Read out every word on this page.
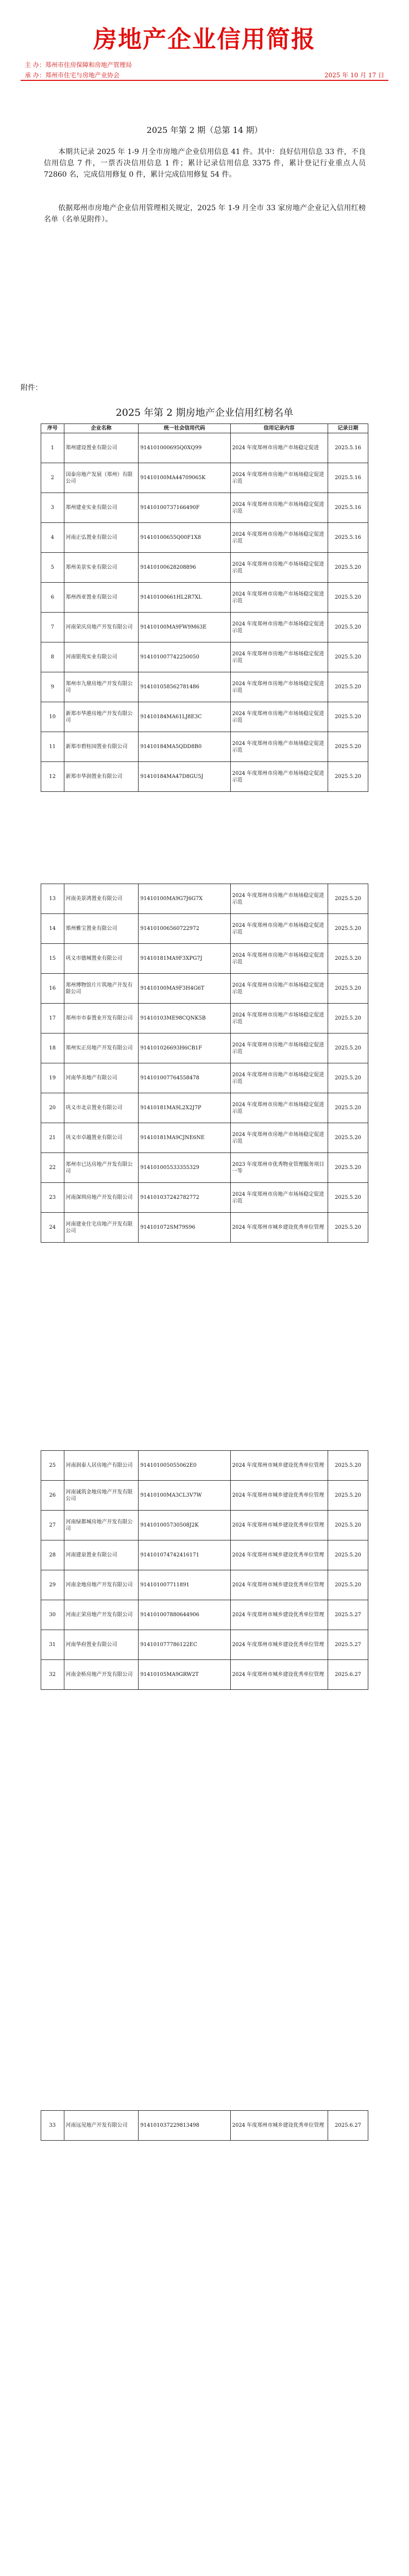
房地产企业信用简报
主 办：郑州市住房保障和房地产管理局
承 办：郑州市住宅与房地产业协会	2025 年 10 月 17 日
2025 年第 2 期（总第 14 期）
本期共记录 2025 年 1-9 月全市房地产企业信用信息 41 件。其中：良好信用信息 33 件，不良信用信息 7 件，一票否决信用信息 1 件；累计记录信用信息 3375 件，累计登记行业重点人员 72860 名，完成信用修复 0 件，累计完成信用修复 54 件。
依据郑州市房地产企业信用管理相关规定，2025 年 1-9 月全市 33 家房地产企业记入信用红榜名单（名单见附件）。
附件：
2025 年第 2 期房地产企业信用红榜名单
序号	企业名称	统一社会信用代码	信用记录内容	记录日期
1	郑州建设置业有限公司	914101000695Q0XQ99	2024 年度郑州市房地产市场稳定促进	2025.5.16
2	国泰房地产发展（郑州）有限公司	91410100MA44709065K	2024 年度郑州市房地产市场场稳定促进示范	2025.5.16
3	郑州建业实业有限公司	91410100737166490F	2024 年度郑州市房地产市场场稳定促进示范	2025.5.16
4	河南正弘置业有限公司	91410100655Q00F1X8	2024 年度郑州市房地产市场场稳定促进示范	2025.5.16
5	郑州美景实业有限公司	91410100628208896	2024 年度郑州市房地产市场场稳定促进示范	2025.5.20
6	郑州西亚置业有限公司	91410100661HL2R7XL	2024 年度郑州市房地产市场场稳定促进示范	2025.5.20
7	河南荣庆房地产开发有限公司	91410100MA9FW9M63E	2024 年度郑州市房地产市场场稳定促进示范	2025.5.20
8	河南银苑实业有限公司	914101007742250050	2024 年度郑州市房地产市场场稳定促进示范	2025.5.20
9	郑州市九鼎房地产开发有限公司	914101058562781486	2024 年度郑州市房地产市场场稳定促进示范	2025.5.20
10	新郑市华港房地产开发有限公司	91410184MA61LJ8E3C	2024 年度郑州市房地产市场场稳定促进示范	2025.5.20
11	新郑市碧桂园置业有限公司	91410184MA5QDD8B0	2024 年度郑州市房地产市场场稳定促进示范	2025.5.20
12	新郑市华润置业有限公司	91410184MA47D8GU5J	2024 年度郑州市房地产市场场稳定促进示范	2025.5.20
13	河南美景鸿置业有限公司	91410100MA9G7J6G7X	2024 年度郑州市房地产市场场稳定促进示范	2025.5.20
14	郑州雅宝置业有限公司	914101006560722972	2024 年度郑州市房地产市场场稳定促进示范	2025.5.20
15	巩义市德城置业有限公司	91410181MA9F3XPG7J	2024 年度郑州市房地产市场场稳定促进示范	2025.5.20
16	郑州博物馆片片筑地产开发有限公司	91410100MA9F3H4G6T	2024 年度郑州市房地产市场场稳定促进示范	2025.5.20
17	郑州市市泰置业开发有限公司	91410103ME98CQNK5B	2024 年度郑州市房地产市场场稳定促进示范	2025.5.20
18	郑州实正房地产开发有限公司	914101026693H6CB1F	2024 年度郑州市房地产市场场稳定促进示范	2025.5.20
19	河南华美地产有限公司	914101007764558478	2024 年度郑州市房地产市场场稳定促进示范	2025.5.20
20	巩义市北京置业有限公司	91410181MA9L2X2J7P	2024 年度郑州市房地产市场场稳定促进示范	2025.5.20
21	巩义市卓越置业有限公司	91410181MA9CJNE6NE	2024 年度郑州市房地产市场场稳定促进示范	2025.5.20
22	郑州市已达房地产开发有限公司	914101005533355329	2023 年度郑州市优秀物业管理服务项目一等	2025.5.20
23	河南深圳房地产开发有限公司	914101037242782772	2024 年度郑州市房地产市场场稳定促进示范	2025.5.20
24	河南建业住宅房地产开发有限公司	914101072SM79S96	2024 年度郑州市城乡建设优秀单位管理	2025.5.20
25	河南润泰人居房地产有限公司	914101005055062E0	2024 年度郑州市城乡建设优秀单位管理	2025.5.20
26	河南诚筑金地房地产开发有限公司	91410100MA3CL3V7W	2024 年度郑州市城乡建设优秀单位管理	2025.5.20
27	河南绿都城房地产开发有限公司	914101005730508J2K	2024 年度郑州市城乡建设优秀单位管理	2025.5.20
28	河南建泉置业有限公司	914101074742416171	2024 年度郑州市城乡建设优秀单位管理	2025.5.20
29	河南金地房地产开发有限公司	914101007711891	2024 年度郑州市城乡建设优秀单位管理	2025.5.20
30	河南正荣房地产开发有限公司	914101007880644906	2024 年度郑州市城乡建设优秀单位管理	2025.5.27
31	河南华府置业有限公司	914101077786122EC	2024 年度郑州市城乡建设优秀单位管理	2025.5.27
32	河南金桥房地产开发有限公司	91410105MA9GRW2T	2024 年度郑州市城乡建设优秀单位管理	2025.6.27
33	河南远见地产开发有限公司	914101037229813498	2024 年度郑州市城乡建设优秀单位管理	2025.6.27
